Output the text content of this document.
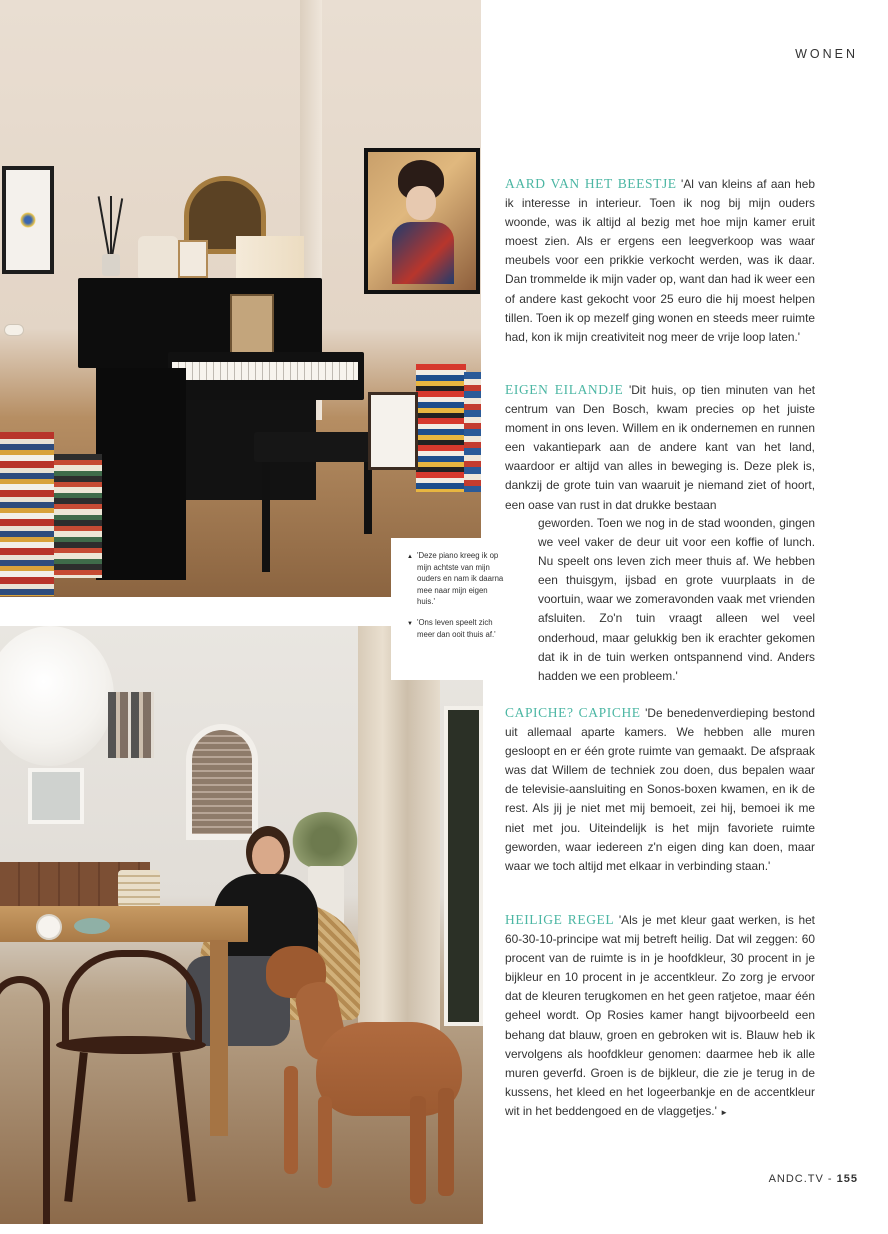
▲ 'Deze piano kreeg ik op mijn achtste van mijn ouders en nam ik daarna mee naar mijn eigen huis.'
▼ 'Ons leven speelt zich meer dan ooit thuis af.'
WONEN
AARD VAN HET BEESTJE 'Al van kleins af aan heb ik interesse in interieur. Toen ik nog bij mijn ouders woonde, was ik altijd al bezig met hoe mijn kamer eruit moest zien. Als er ergens een leegverkoop was waar meubels voor een prikkie verkocht werden, was ik daar. Dan trommelde ik mijn vader op, want dan had ik weer een of andere kast gekocht voor 25 euro die hij moest helpen tillen. Toen ik op mezelf ging wonen en steeds meer ruimte had, kon ik mijn creativiteit nog meer de vrije loop laten.'
EIGEN EILANDJE 'Dit huis, op tien minuten van het centrum van Den Bosch, kwam precies op het juiste moment in ons leven. Willem en ik ondernemen en runnen een vakantiepark aan de andere kant van het land, waardoor er altijd van alles in beweging is. Deze plek is, dankzij de grote tuin van waaruit je niemand ziet of hoort, een oase van rust in dat drukke bestaan
geworden. Toen we nog in de stad woonden, gingen we veel vaker de deur uit voor een koffie of lunch. Nu speelt ons leven zich meer thuis af. We hebben een thuisgym, ijsbad en grote vuurplaats in de voortuin, waar we zomeravonden vaak met vrienden afsluiten. Zo'n tuin vraagt alleen wel veel onderhoud, maar gelukkig ben ik erachter gekomen dat ik in de tuin werken ontspannend vind. Anders hadden we een probleem.'
CAPICHE? CAPICHE 'De benedenverdieping bestond uit allemaal aparte kamers. We hebben alle muren gesloopt en er één grote ruimte van gemaakt. De afspraak was dat Willem de techniek zou doen, dus bepalen waar de televisie-aansluiting en Sonos-boxen kwamen, en ik de rest. Als jij je niet met mij bemoeit, zei hij, bemoei ik me niet met jou. Uiteindelijk is het mijn favoriete ruimte geworden, waar iedereen z'n eigen ding kan doen, maar waar we toch altijd met elkaar in verbinding staan.'
HEILIGE REGEL 'Als je met kleur gaat werken, is het 60-30-10-principe wat mij betreft heilig. Dat wil zeggen: 60 procent van de ruimte is in je hoofdkleur, 30 procent in je bijkleur en 10 procent in je accentkleur. Zo zorg je ervoor dat de kleuren terugkomen en het geen ratjetoe, maar één geheel wordt. Op Rosies kamer hangt bijvoorbeeld een behang dat blauw, groen en gebroken wit is. Blauw heb ik vervolgens als hoofdkleur genomen: daarmee heb ik alle muren geverfd. Groen is de bijkleur, die zie je terug in de kussens, het kleed en het logeerbankje en de accentkleur wit in het beddengoed en de vlaggetjes.' ►
ANDC.TV - 155
